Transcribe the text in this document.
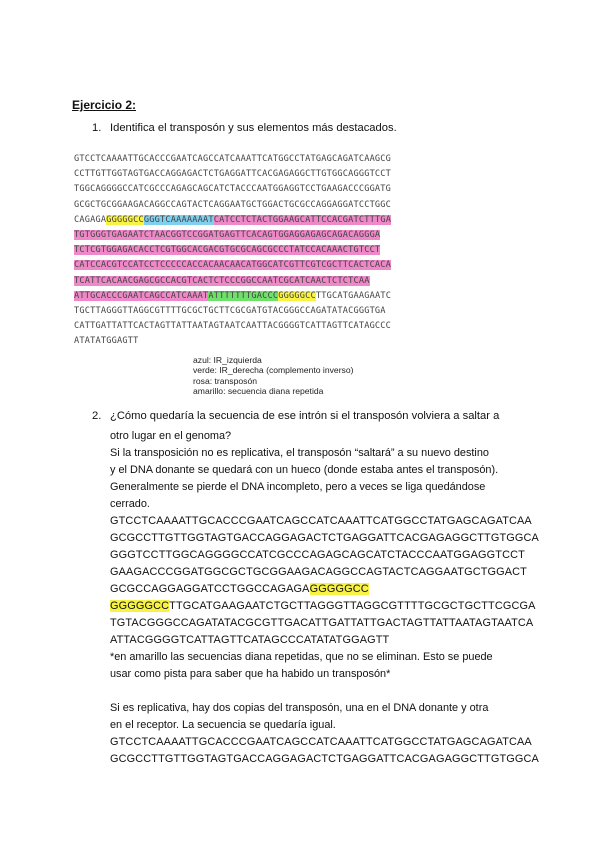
Ejercicio 2:
1. Identifica el transposón y sus elementos más destacados.
GTCCTCAAAATTGCACCCGAATCAGCCATCAAATTCATGGCCTATGAGCAGATCAAGCG
CCTTGTTGGTAGTGACCAGGAGACTCTGAGGATTCACGAGAGGCTTGTGGCAGGGTCCT
TGGCAGGGGCCATCGCCCAGAGCAGCATCTACCCAATGGAGGTCCTGAAGACCCGGATG
GCGCTGCGGAAGACAGGCCAGTACTCAGGAATGCTGGACTGCGCCAGGAGGATCCTGGC
CAGAGAGGGGGCCGGGTCAAAAAAATCATCCTCTACTGGAAGCATTCCACGATCTTTGA
TGTGGGTGAGAATCTAACGGTCCGGATGAGTTCACAGTGGAGGAGAGCAGACAGGGA
TCTCGTGGAGACACCTCGTGGCACGACGTGCGCAGCGCCCTATCCACAAACTGTCCT
CATCCACGTCCATCCTCCCCCACCACAACAACATGGCATCGTTCGTCGCTTCACTCACA
TCATTCACAACGAGCGCCACGTCACTCTCCCGGCCAATCGCATCAACTCTCTCAA
ATTGCACCCGAATCAGCCATCAAATATTTTTTTGACCCGGGGGCCTTGCATGAAGAATC
TGCTTAGGGTTAGGCGTTTTGCGCTGCTTCGCGATGTACGGGCCAGATATACGGGTGA
CATTGATTATTCACTAGTTATTAATAGTAATCAATTACGGGGTCATTAGTTCATAGCCC
ATATATGGAGTT
azul: IR_izquierda
verde: IR_derecha (complemento inverso)
rosa: transposón
amarillo: secuencia diana repetida
2. ¿Cómo quedaría la secuencia de ese intrón si el transposón volviera a saltar a
otro lugar en el genoma?
Si la transposición no es replicativa, el transposón “saltará” a su nuevo destino
y el DNA donante se quedará con un hueco (donde estaba antes el transposón).
Generalmente se pierde el DNA incompleto, pero a veces se liga quedándose
cerrado.
GTCCTCAAAATTGCACCCGAATCAGCCATCAAATTCATGGCCTATGAGCAGATCAA
GCGCCTTGTTGGTAGTGACCAGGAGACTCTGAGGATTCACGAGAGGCTTGTGGCA
GGGTCCTTGGCAGGGGCCATCGCCCAGAGCAGCATCTACCCAATGGAGGTCCT
GAAGACCCGGATGGCGCTGCGGAAGACAGGCCAGTACTCAGGAATGCTGGACT
GCGCCAGGAGGATCCTGGCCAGAGAGGGGGCC
GGGGGCCTTGCATGAAGAATCTGCTTAGGGTTAGGCGTTTTGCGCTGCTTCGCGA
TGTACGGGCCAGATATACGCGTTGACATTGATTATTGACTAGTTATTAATAGTAATCA
ATTACGGGGTCATTAGTTCATAGCCCATATATGGAGTT
*en amarillo las secuencias diana repetidas, que no se eliminan. Esto se puede
usar como pista para saber que ha habido un transposón*
Si es replicativa, hay dos copias del transposón, una en el DNA donante y otra
en el receptor. La secuencia se quedaría igual.
GTCCTCAAAATTGCACCCGAATCAGCCATCAAATTCATGGCCTATGAGCAGATCAA
GCGCCTTGTTGGTAGTGACCAGGAGACTCTGAGGATTCACGAGAGGCTTGTGGCA
